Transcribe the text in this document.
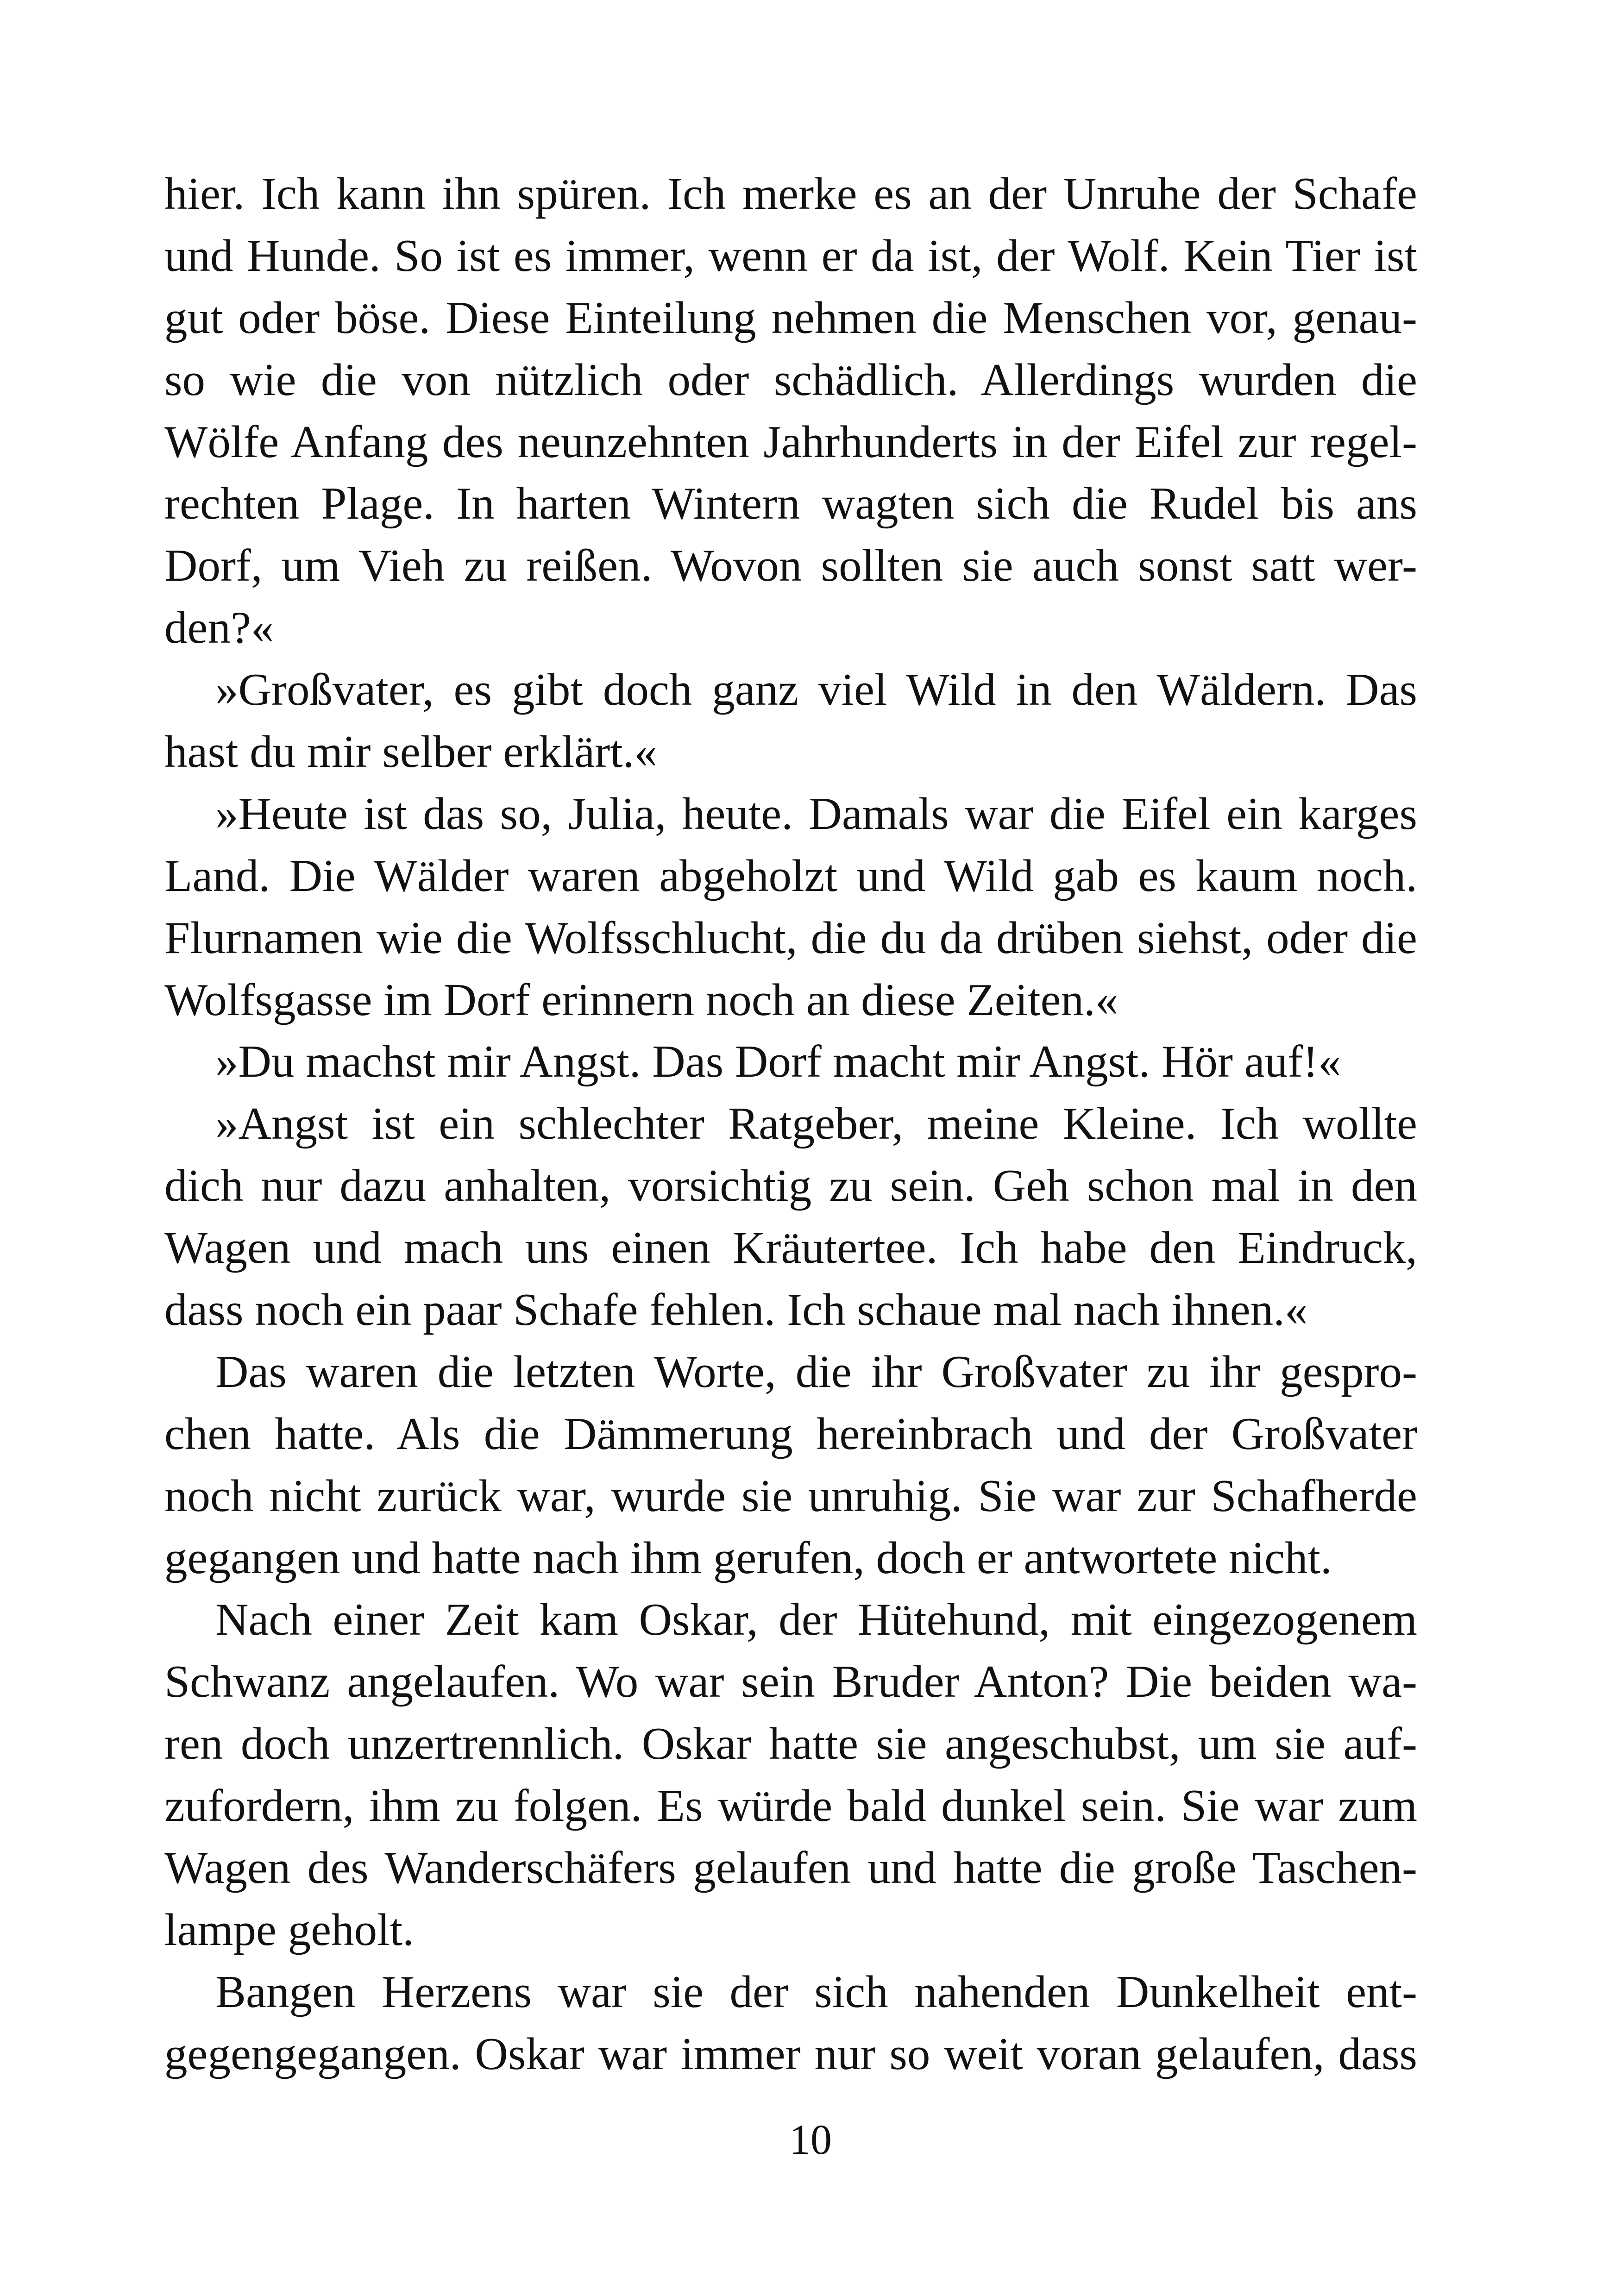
hier. Ich kann ihn spüren. Ich merke es an der Unruhe der Schafe
und Hunde. So ist es immer, wenn er da ist, der Wolf. Kein Tier ist
gut oder böse. Diese Einteilung nehmen die Menschen vor, genau-
so wie die von nützlich oder schädlich. Allerdings wurden die
Wölfe Anfang des neunzehnten Jahrhunderts in der Eifel zur regel-
rechten Plage. In harten Wintern wagten sich die Rudel bis ans
Dorf, um Vieh zu reißen. Wovon sollten sie auch sonst satt wer-
den?«
»Großvater, es gibt doch ganz viel Wild in den Wäldern. Das
hast du mir selber erklärt.«
»Heute ist das so, Julia, heute. Damals war die Eifel ein karges
Land. Die Wälder waren abgeholzt und Wild gab es kaum noch.
Flurnamen wie die Wolfsschlucht, die du da drüben siehst, oder die
Wolfsgasse im Dorf erinnern noch an diese Zeiten.«
»Du machst mir Angst. Das Dorf macht mir Angst. Hör auf!«
»Angst ist ein schlechter Ratgeber, meine Kleine. Ich wollte
dich nur dazu anhalten, vorsichtig zu sein. Geh schon mal in den
Wagen und mach uns einen Kräutertee. Ich habe den Eindruck,
dass noch ein paar Schafe fehlen. Ich schaue mal nach ihnen.«
Das waren die letzten Worte, die ihr Großvater zu ihr gespro-
chen hatte. Als die Dämmerung hereinbrach und der Großvater
noch nicht zurück war, wurde sie unruhig. Sie war zur Schafherde
gegangen und hatte nach ihm gerufen, doch er antwortete nicht.
Nach einer Zeit kam Oskar, der Hütehund, mit eingezogenem
Schwanz angelaufen. Wo war sein Bruder Anton? Die beiden wa-
ren doch unzertrennlich. Oskar hatte sie angeschubst, um sie auf-
zufordern, ihm zu folgen. Es würde bald dunkel sein. Sie war zum
Wagen des Wanderschäfers gelaufen und hatte die große Taschen-
lampe geholt.
Bangen Herzens war sie der sich nahenden Dunkelheit ent-
gegengegangen. Oskar war immer nur so weit voran gelaufen, dass
10
